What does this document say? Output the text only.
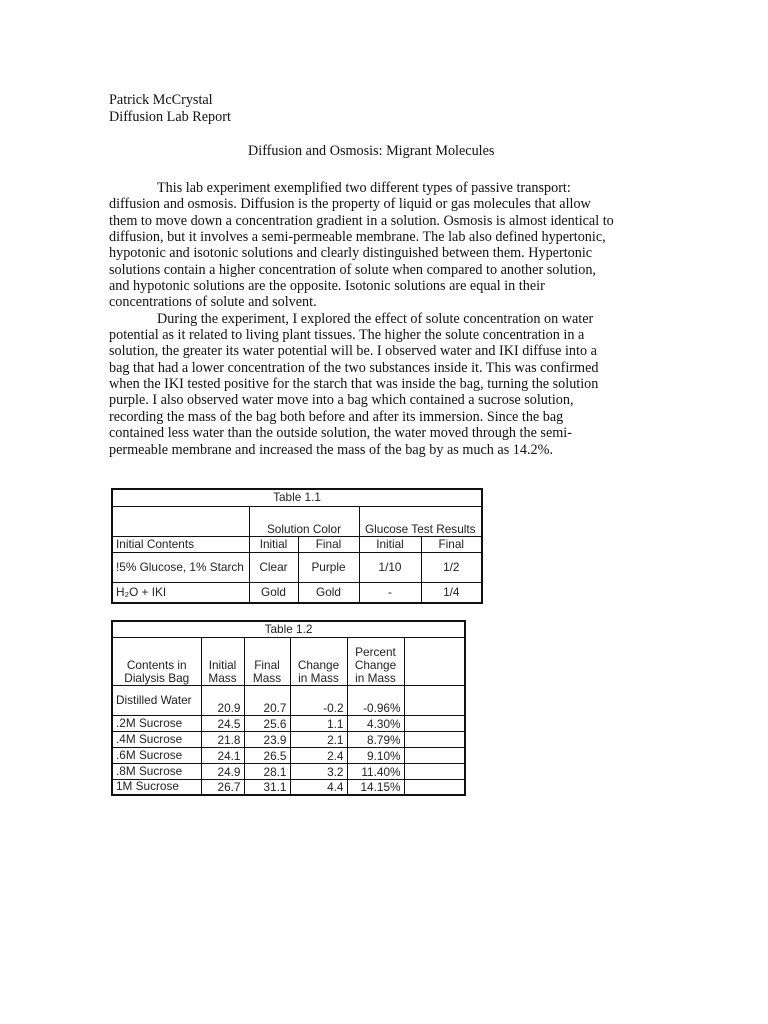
Patrick McCrystal
Diffusion Lab Report
Diffusion and Osmosis: Migrant Molecules
This lab experiment exemplified two different types of passive transport:
diffusion and osmosis. Diffusion is the property of liquid or gas molecules that allow
them to move down a concentration gradient in a solution. Osmosis is almost identical to
diffusion, but it involves a semi-permeable membrane. The lab also defined hypertonic,
hypotonic and isotonic solutions and clearly distinguished between them. Hypertonic
solutions contain a higher concentration of solute when compared to another solution,
and hypotonic solutions are the opposite. Isotonic solutions are equal in their
concentrations of solute and solvent.
During the experiment, I explored the effect of solute concentration on water
potential as it related to living plant tissues. The higher the solute concentration in a
solution, the greater its water potential will be. I observed water and IKI diffuse into a
bag that had a lower concentration of the two substances inside it. This was confirmed
when the IKI tested positive for the starch that was inside the bag, turning the solution
purple. I also observed water move into a bag which contained a sucrose solution,
recording the mass of the bag both before and after its immersion. Since the bag
contained less water than the outside solution, the water moved through the semi-
permeable membrane and increased the mass of the bag by as much as 14.2%.
Table 1.1				
	Solution Color		Glucose Test Results	
Initial Contents	Initial	Final	Initial	Final
!5% Glucose, 1% Starch	Clear	Purple	1/10	1/2
H₂O + IKI	Gold	Gold	-	1/4
Table 1.2					
Contents in Dialysis Bag	Initial Mass	Final Mass	Change in Mass	Percent Change in Mass	
Distilled Water	20.9	20.7	-0.2	-0.96%	
.2M Sucrose	24.5	25.6	1.1	4.30%	
.4M Sucrose	21.8	23.9	2.1	8.79%	
.6M Sucrose	24.1	26.5	2.4	9.10%	
.8M Sucrose	24.9	28.1	3.2	11.40%	
1M Sucrose	26.7	31.1	4.4	14.15%	
